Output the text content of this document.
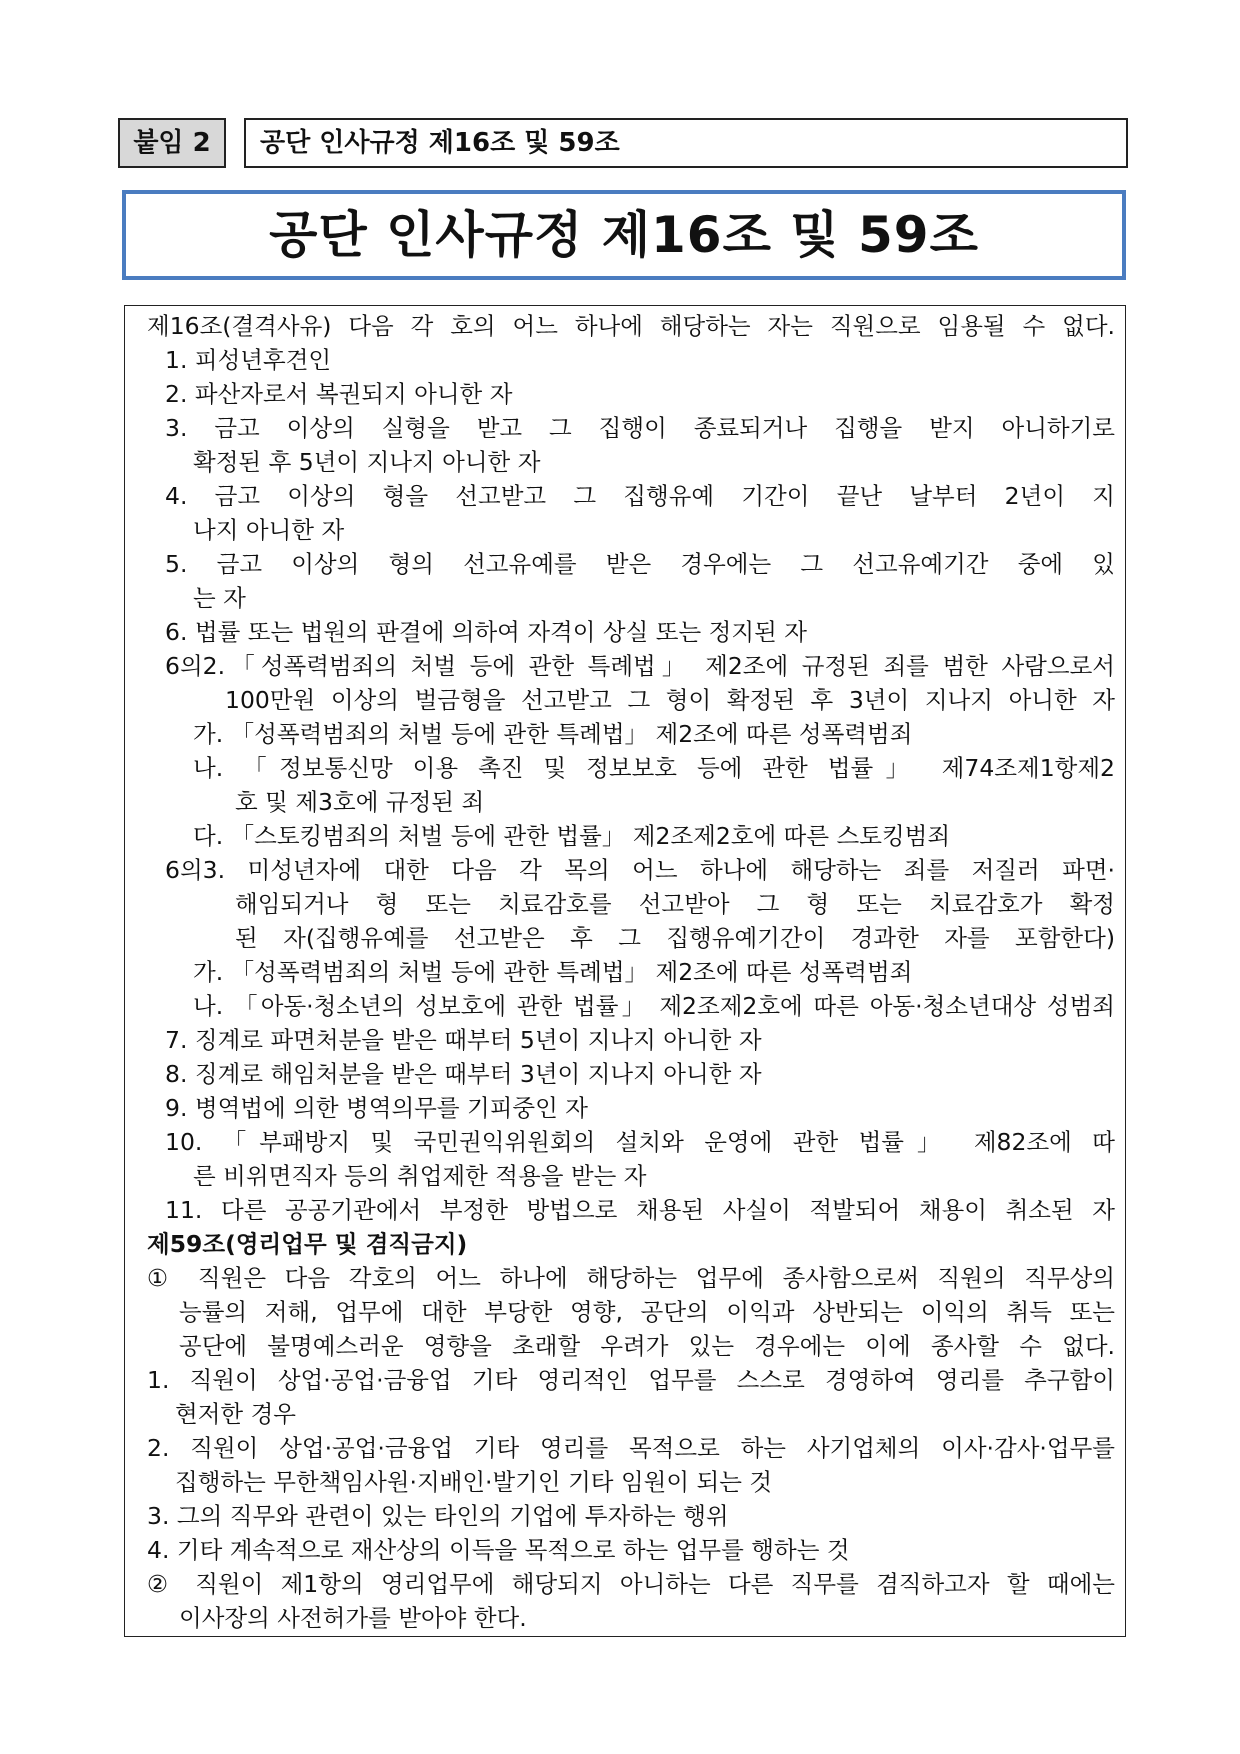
붙임 2	공단 인사규정 제16조 및 59조
공단 인사규정 제16조 및 59조
제16조(결격사유) 다음 각 호의 어느 하나에 해당하는 자는 직원으로 임용될 수 없다.
1. 피성년후견인
2. 파산자로서 복권되지 아니한 자
3. 금고 이상의 실형을 받고 그 집행이 종료되거나 집행을 받지 아니하기로
확정된 후 5년이 지나지 아니한 자
4. 금고 이상의 형을 선고받고 그 집행유예 기간이 끝난 날부터 2년이 지
나지 아니한 자
5. 금고 이상의 형의 선고유예를 받은 경우에는 그 선고유예기간 중에 있
는 자
6. 법률 또는 법원의 판결에 의하여 자격이 상실 또는 정지된 자
6의2.「성폭력범죄의 처벌 등에 관한 특례법」 제2조에 규정된 죄를 범한 사람으로서
100만원 이상의 벌금형을 선고받고 그 형이 확정된 후 3년이 지나지 아니한 자
가. 「성폭력범죄의 처벌 등에 관한 특례법」 제2조에 따른 성폭력범죄
나. 「정보통신망 이용 촉진 및 정보보호 등에 관한 법률」 제74조제1항제2
호 및 제3호에 규정된 죄
다. 「스토킹범죄의 처벌 등에 관한 법률」 제2조제2호에 따른 스토킹범죄
6의3. 미성년자에 대한 다음 각 목의 어느 하나에 해당하는 죄를 저질러 파면·
해임되거나 형 또는 치료감호를 선고받아 그 형 또는 치료감호가 확정
된 자(집행유예를 선고받은 후 그 집행유예기간이 경과한 자를 포함한다)
가. 「성폭력범죄의 처벌 등에 관한 특례법」 제2조에 따른 성폭력범죄
나. 「아동·청소년의 성보호에 관한 법률」 제2조제2호에 따른 아동·청소년대상 성범죄
7. 징계로 파면처분을 받은 때부터 5년이 지나지 아니한 자
8. 징계로 해임처분을 받은 때부터 3년이 지나지 아니한 자
9. 병역법에 의한 병역의무를 기피중인 자
10. 「부패방지 및 국민권익위원회의 설치와 운영에 관한 법률」 제82조에 따
른 비위면직자 등의 취업제한 적용을 받는 자
11. 다른 공공기관에서 부정한 방법으로 채용된 사실이 적발되어 채용이 취소된 자
제59조(영리업무 및 겸직금지)
① 직원은 다음 각호의 어느 하나에 해당하는 업무에 종사함으로써 직원의 직무상의
능률의 저해, 업무에 대한 부당한 영향, 공단의 이익과 상반되는 이익의 취득 또는
공단에 불명예스러운 영향을 초래할 우려가 있는 경우에는 이에 종사할 수 없다.
1. 직원이 상업·공업·금융업 기타 영리적인 업무를 스스로 경영하여 영리를 추구함이
현저한 경우
2. 직원이 상업·공업·금융업 기타 영리를 목적으로 하는 사기업체의 이사·감사·업무를
집행하는 무한책임사원·지배인·발기인 기타 임원이 되는 것
3. 그의 직무와 관련이 있는 타인의 기업에 투자하는 행위
4. 기타 계속적으로 재산상의 이득을 목적으로 하는 업무를 행하는 것
② 직원이 제1항의 영리업무에 해당되지 아니하는 다른 직무를 겸직하고자 할 때에는
이사장의 사전허가를 받아야 한다.
